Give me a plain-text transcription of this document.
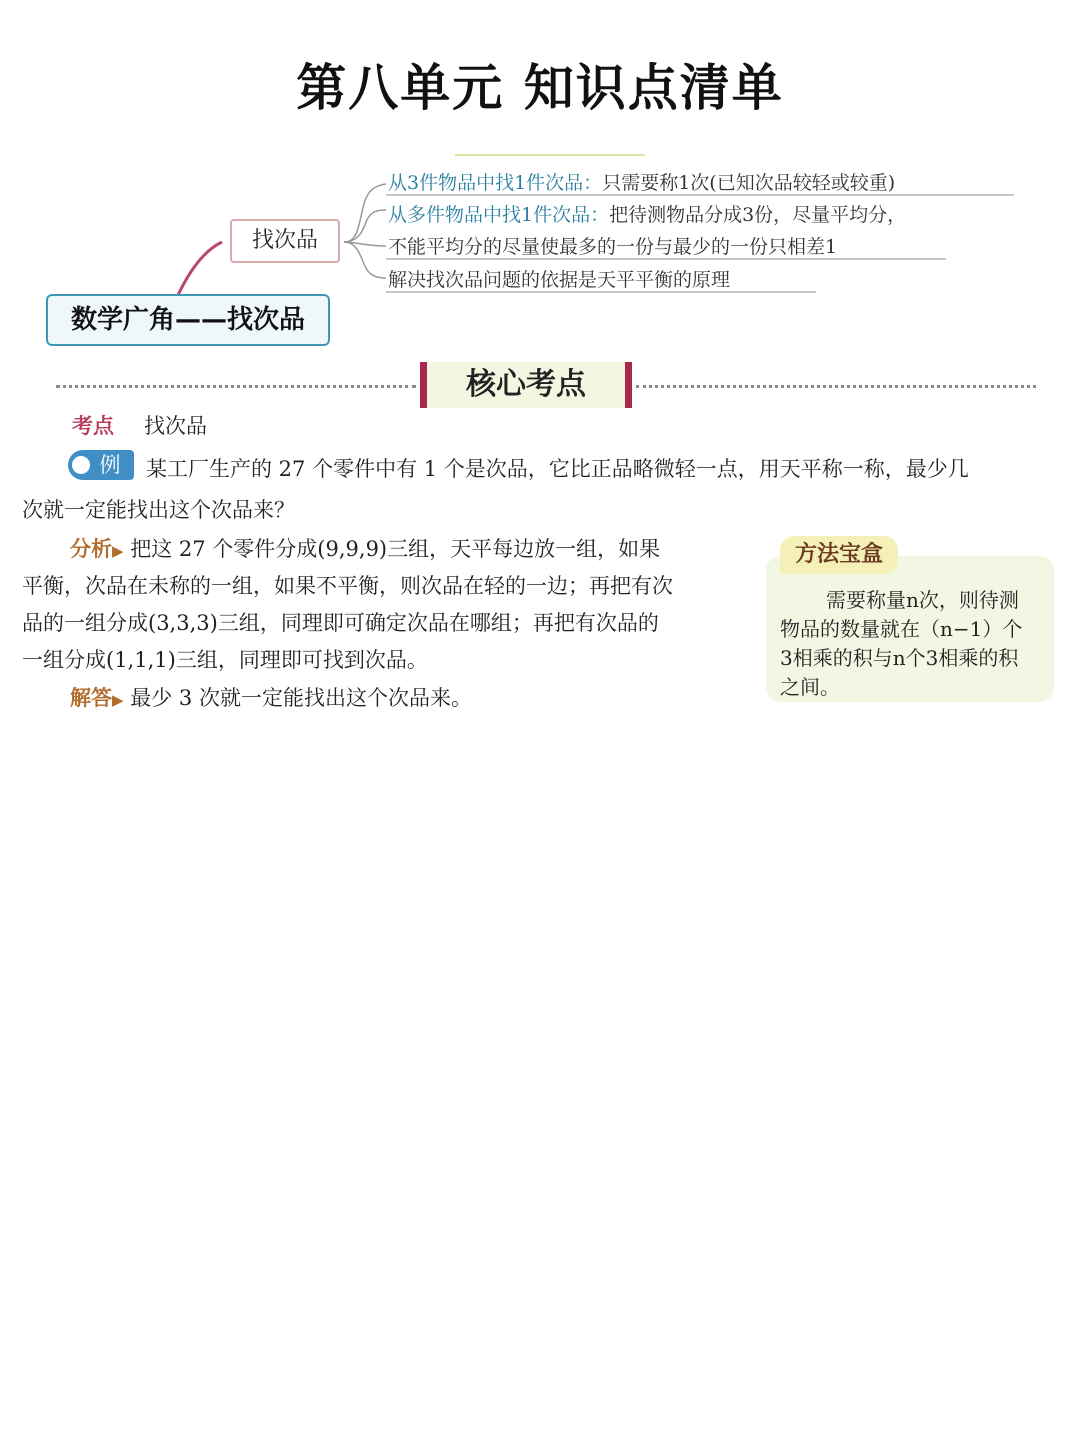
第八单元 知识点清单
从3件物品中找1件次品：只需要称1次(已知次品较轻或较重)
从多件物品中找1件次品：把待测物品分成3份，尽量平均分，
不能平均分的尽量使最多的一份与最少的一份只相差1
解决找次品问题的依据是天平平衡的原理
找次品
数学广角——找次品
核心考点
考点 找次品
例	某工厂生产的 27 个零件中有 1 个是次品，它比正品略微轻一点，用天平称一称，最少几
次就一定能找出这个次品来？
分析▶ 把这 27 个零件分成(9,9,9)三组，天平每边放一组，如果
平衡，次品在未称的一组，如果不平衡，则次品在轻的一边；再把有次
品的一组分成(3,3,3)三组，同理即可确定次品在哪组；再把有次品的
一组分成(1,1,1)三组，同理即可找到次品。
解答▶ 最少 3 次就一定能找出这个次品来。
方法宝盒
需要称量n次，则待测
物品的数量就在（n−1）个
3相乘的积与n个3相乘的积
之间。
